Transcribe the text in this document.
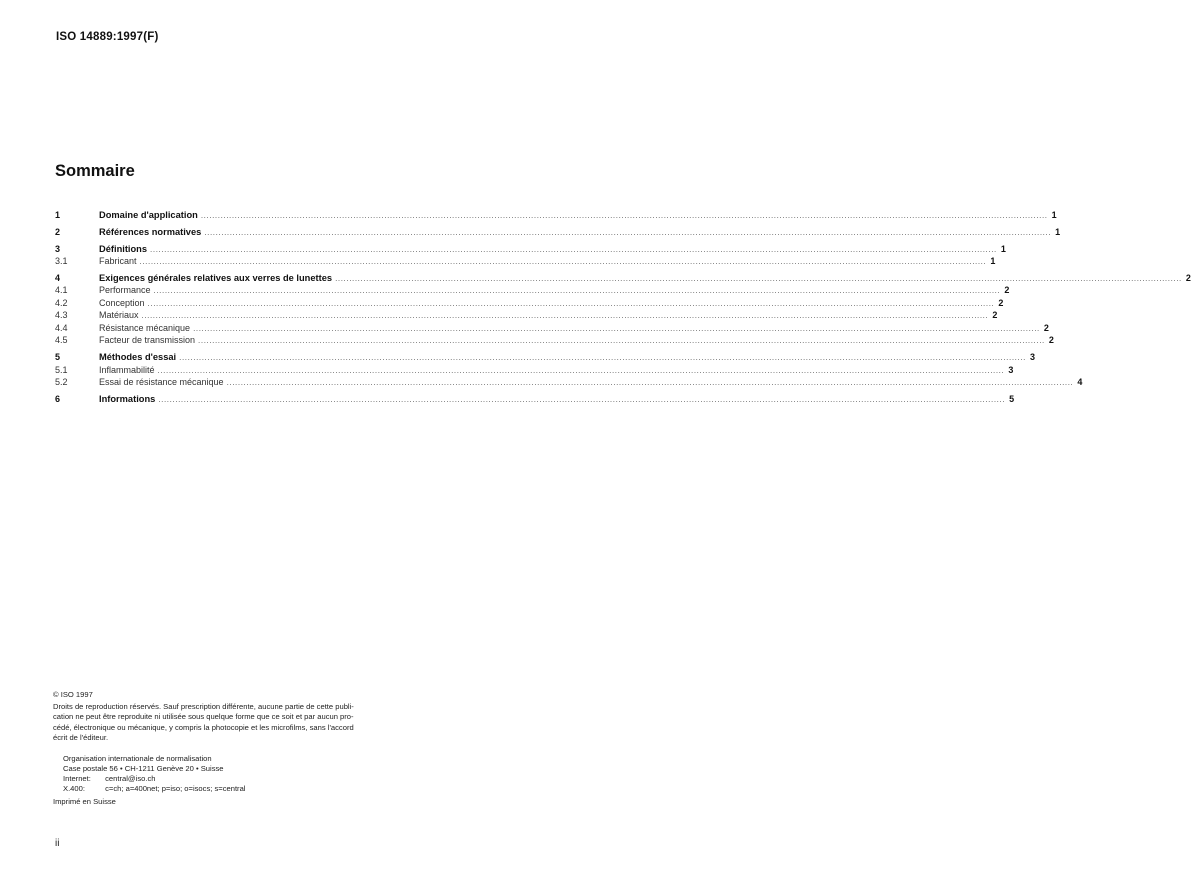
ISO 14889:1997(F)
Sommaire
1	Domaine d'application ............................................................................................................................................................................................................................................................................................................ 1
2	Références normatives ............................................................................................................................................................................................................................................................................................................ 1
3	Définitions ............................................................................................................................................................................................................................................................................................................ 1
3.1	Fabricant ............................................................................................................................................................................................................................................................................................................ 1
4	Exigences générales relatives aux verres de lunettes ............................................................................................................................................................................................................................................................................................................ 2
4.1	Performance ............................................................................................................................................................................................................................................................................................................ 2
4.2	Conception ............................................................................................................................................................................................................................................................................................................ 2
4.3	Matériaux ............................................................................................................................................................................................................................................................................................................ 2
4.4	Résistance mécanique ............................................................................................................................................................................................................................................................................................................ 2
4.5	Facteur de transmission ............................................................................................................................................................................................................................................................................................................ 2
5	Méthodes d'essai ............................................................................................................................................................................................................................................................................................................ 3
5.1	Inflammabilité ............................................................................................................................................................................................................................................................................................................ 3
5.2	Essai de résistance mécanique ............................................................................................................................................................................................................................................................................................................ 4
6	Informations ............................................................................................................................................................................................................................................................................................................ 5
© ISO 1997
Droits de reproduction réservés. Sauf prescription différente, aucune partie de cette publi-
cation ne peut être reproduite ni utilisée sous quelque forme que ce soit et par aucun pro-
cédé, électronique ou mécanique, y compris la photocopie et les microfilms, sans l'accord
écrit de l'éditeur.
Organisation internationale de normalisation
Case postale 56 • CH-1211 Genève 20 • Suisse
Internet: central@iso.ch
X.400:	c=ch; a=400net; p=iso; o=isocs; s=central
Imprimé en Suisse
ii
